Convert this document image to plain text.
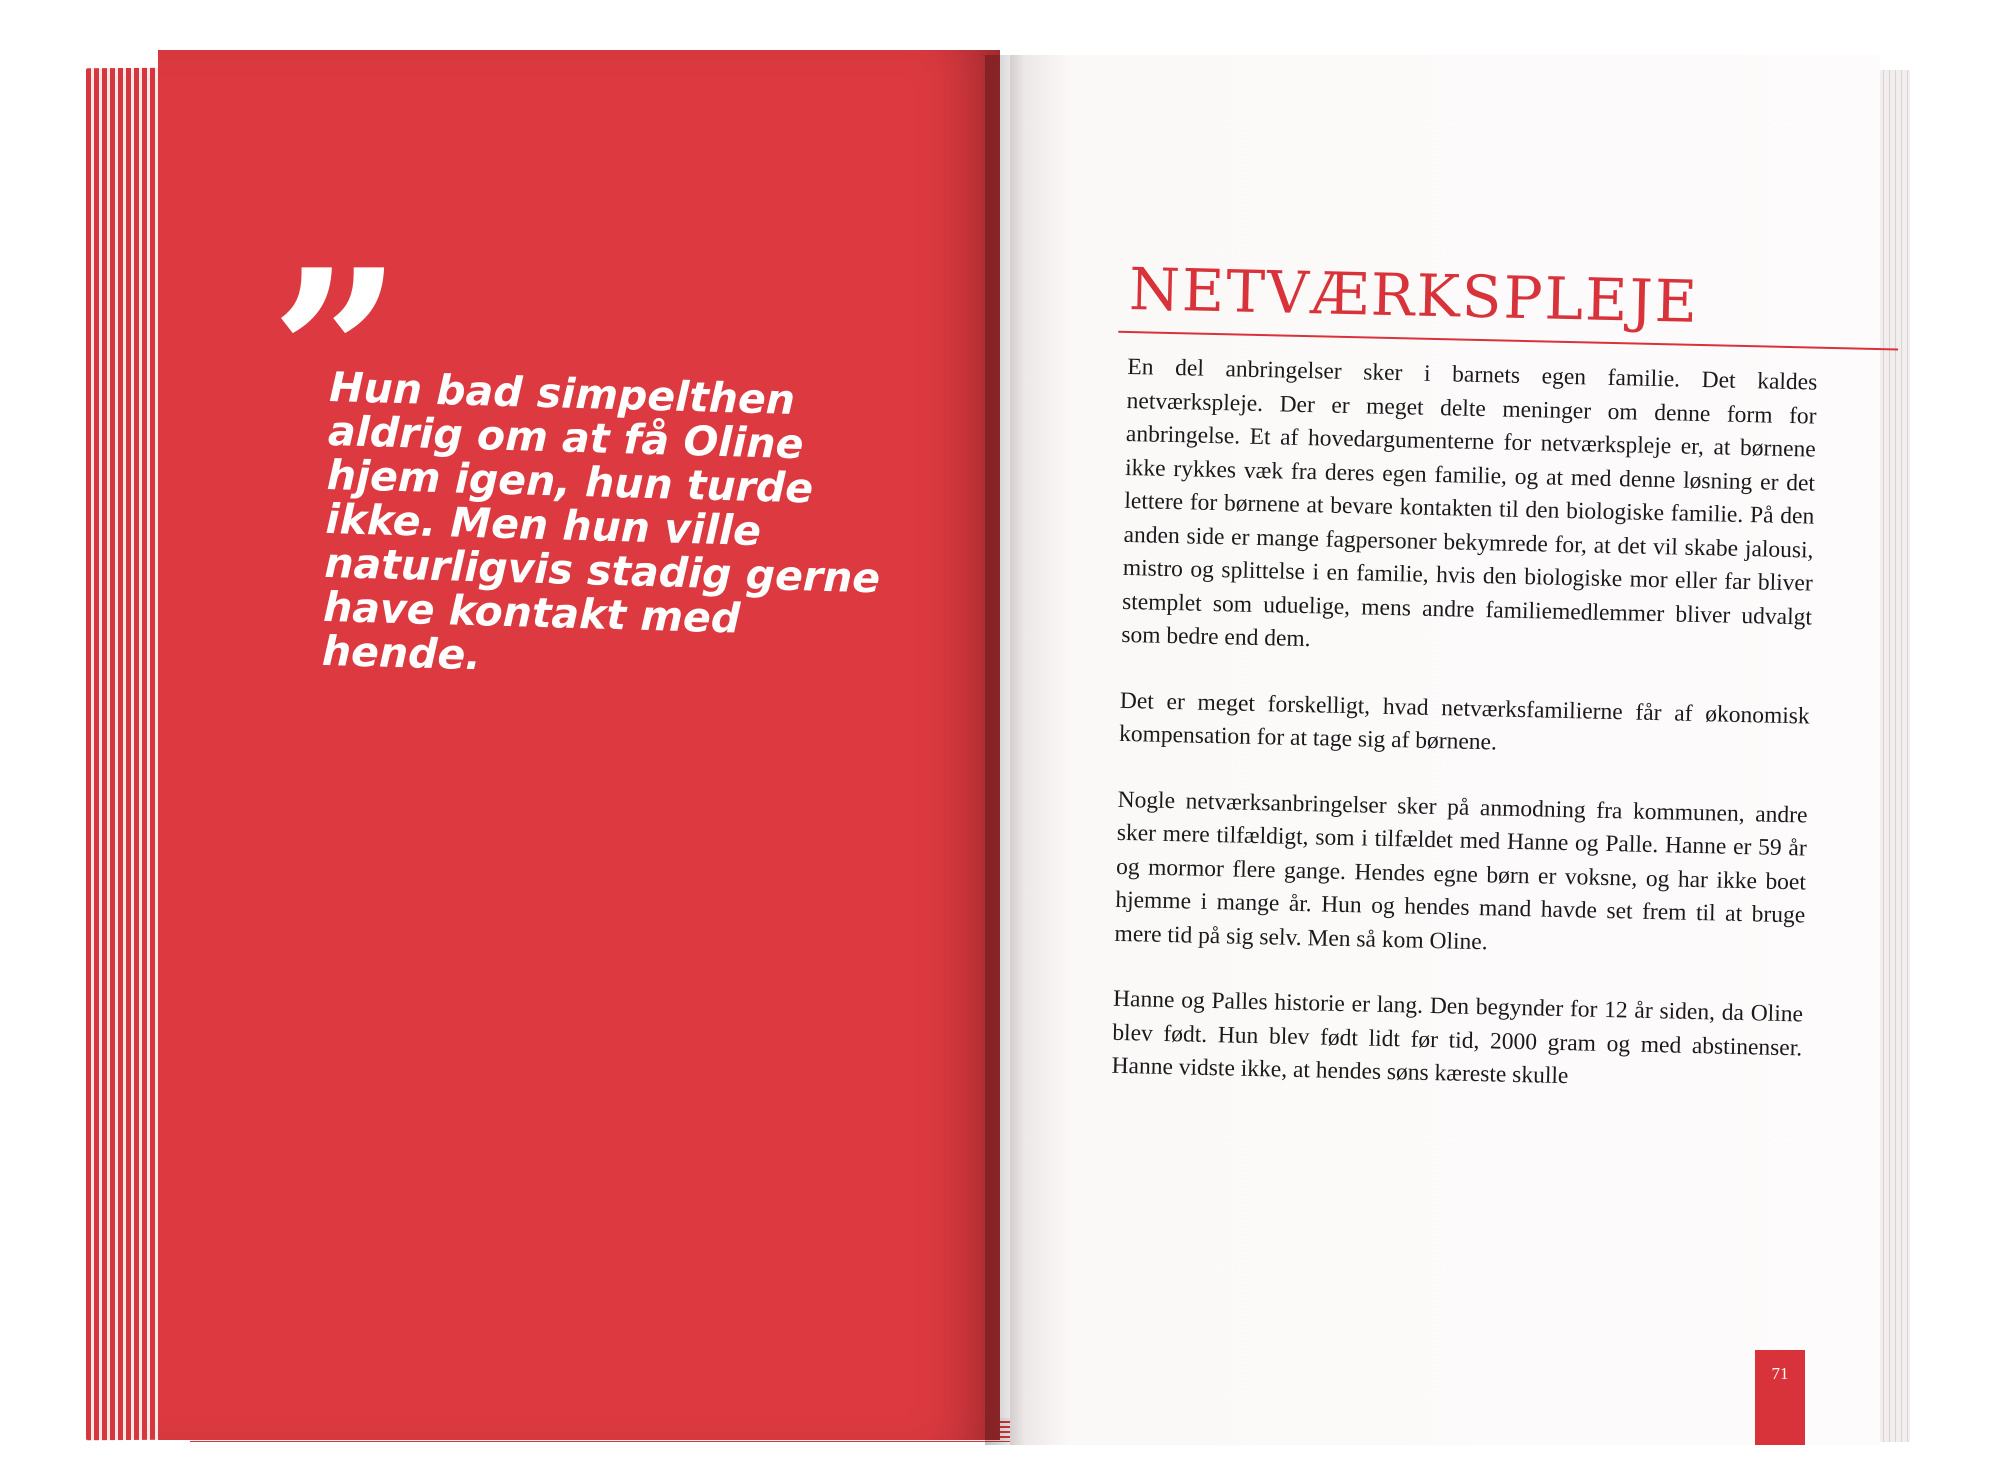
”

Hun bad simpelthen aldrig om at få Oline hjem igen, hun turde ikke. Men hun ville naturligvis stadig gerne have kontakt med hende.

NETVÆRKSPLEJE

En del anbringelser sker i barnets egen familie. Det kaldes netværkspleje. Der er meget delte meninger om denne form for anbringelse. Et af hovedargumenterne for netværkspleje er, at børnene ikke rykkes væk fra deres egen familie, og at med denne løsning er det lettere for børnene at bevare kontakten til den biologiske familie. På den anden side er mange fagpersoner bekymrede for, at det vil skabe jalousi, mistro og splittelse i en familie, hvis den biologiske mor eller far bliver stemplet som uduelige, mens andre familiemedlemmer bliver udvalgt som bedre end dem.

Det er meget forskelligt, hvad netværksfamilierne får af økonomisk kompensation for at tage sig af børnene.

Nogle netværksanbringelser sker på anmodning fra kommunen, andre sker mere tilfældigt, som i tilfældet med Hanne og Palle. Hanne er 59 år og mormor flere gange. Hendes egne børn er voksne, og har ikke boet hjemme i mange år. Hun og hendes mand havde set frem til at bruge mere tid på sig selv. Men så kom Oline.

Hanne og Palles historie er lang. Den begynder for 12 år siden, da Oline blev født. Hun blev født lidt før tid, 2000 gram og med abstinenser. Hanne vidste ikke, at hendes søns kæreste skulle

71
